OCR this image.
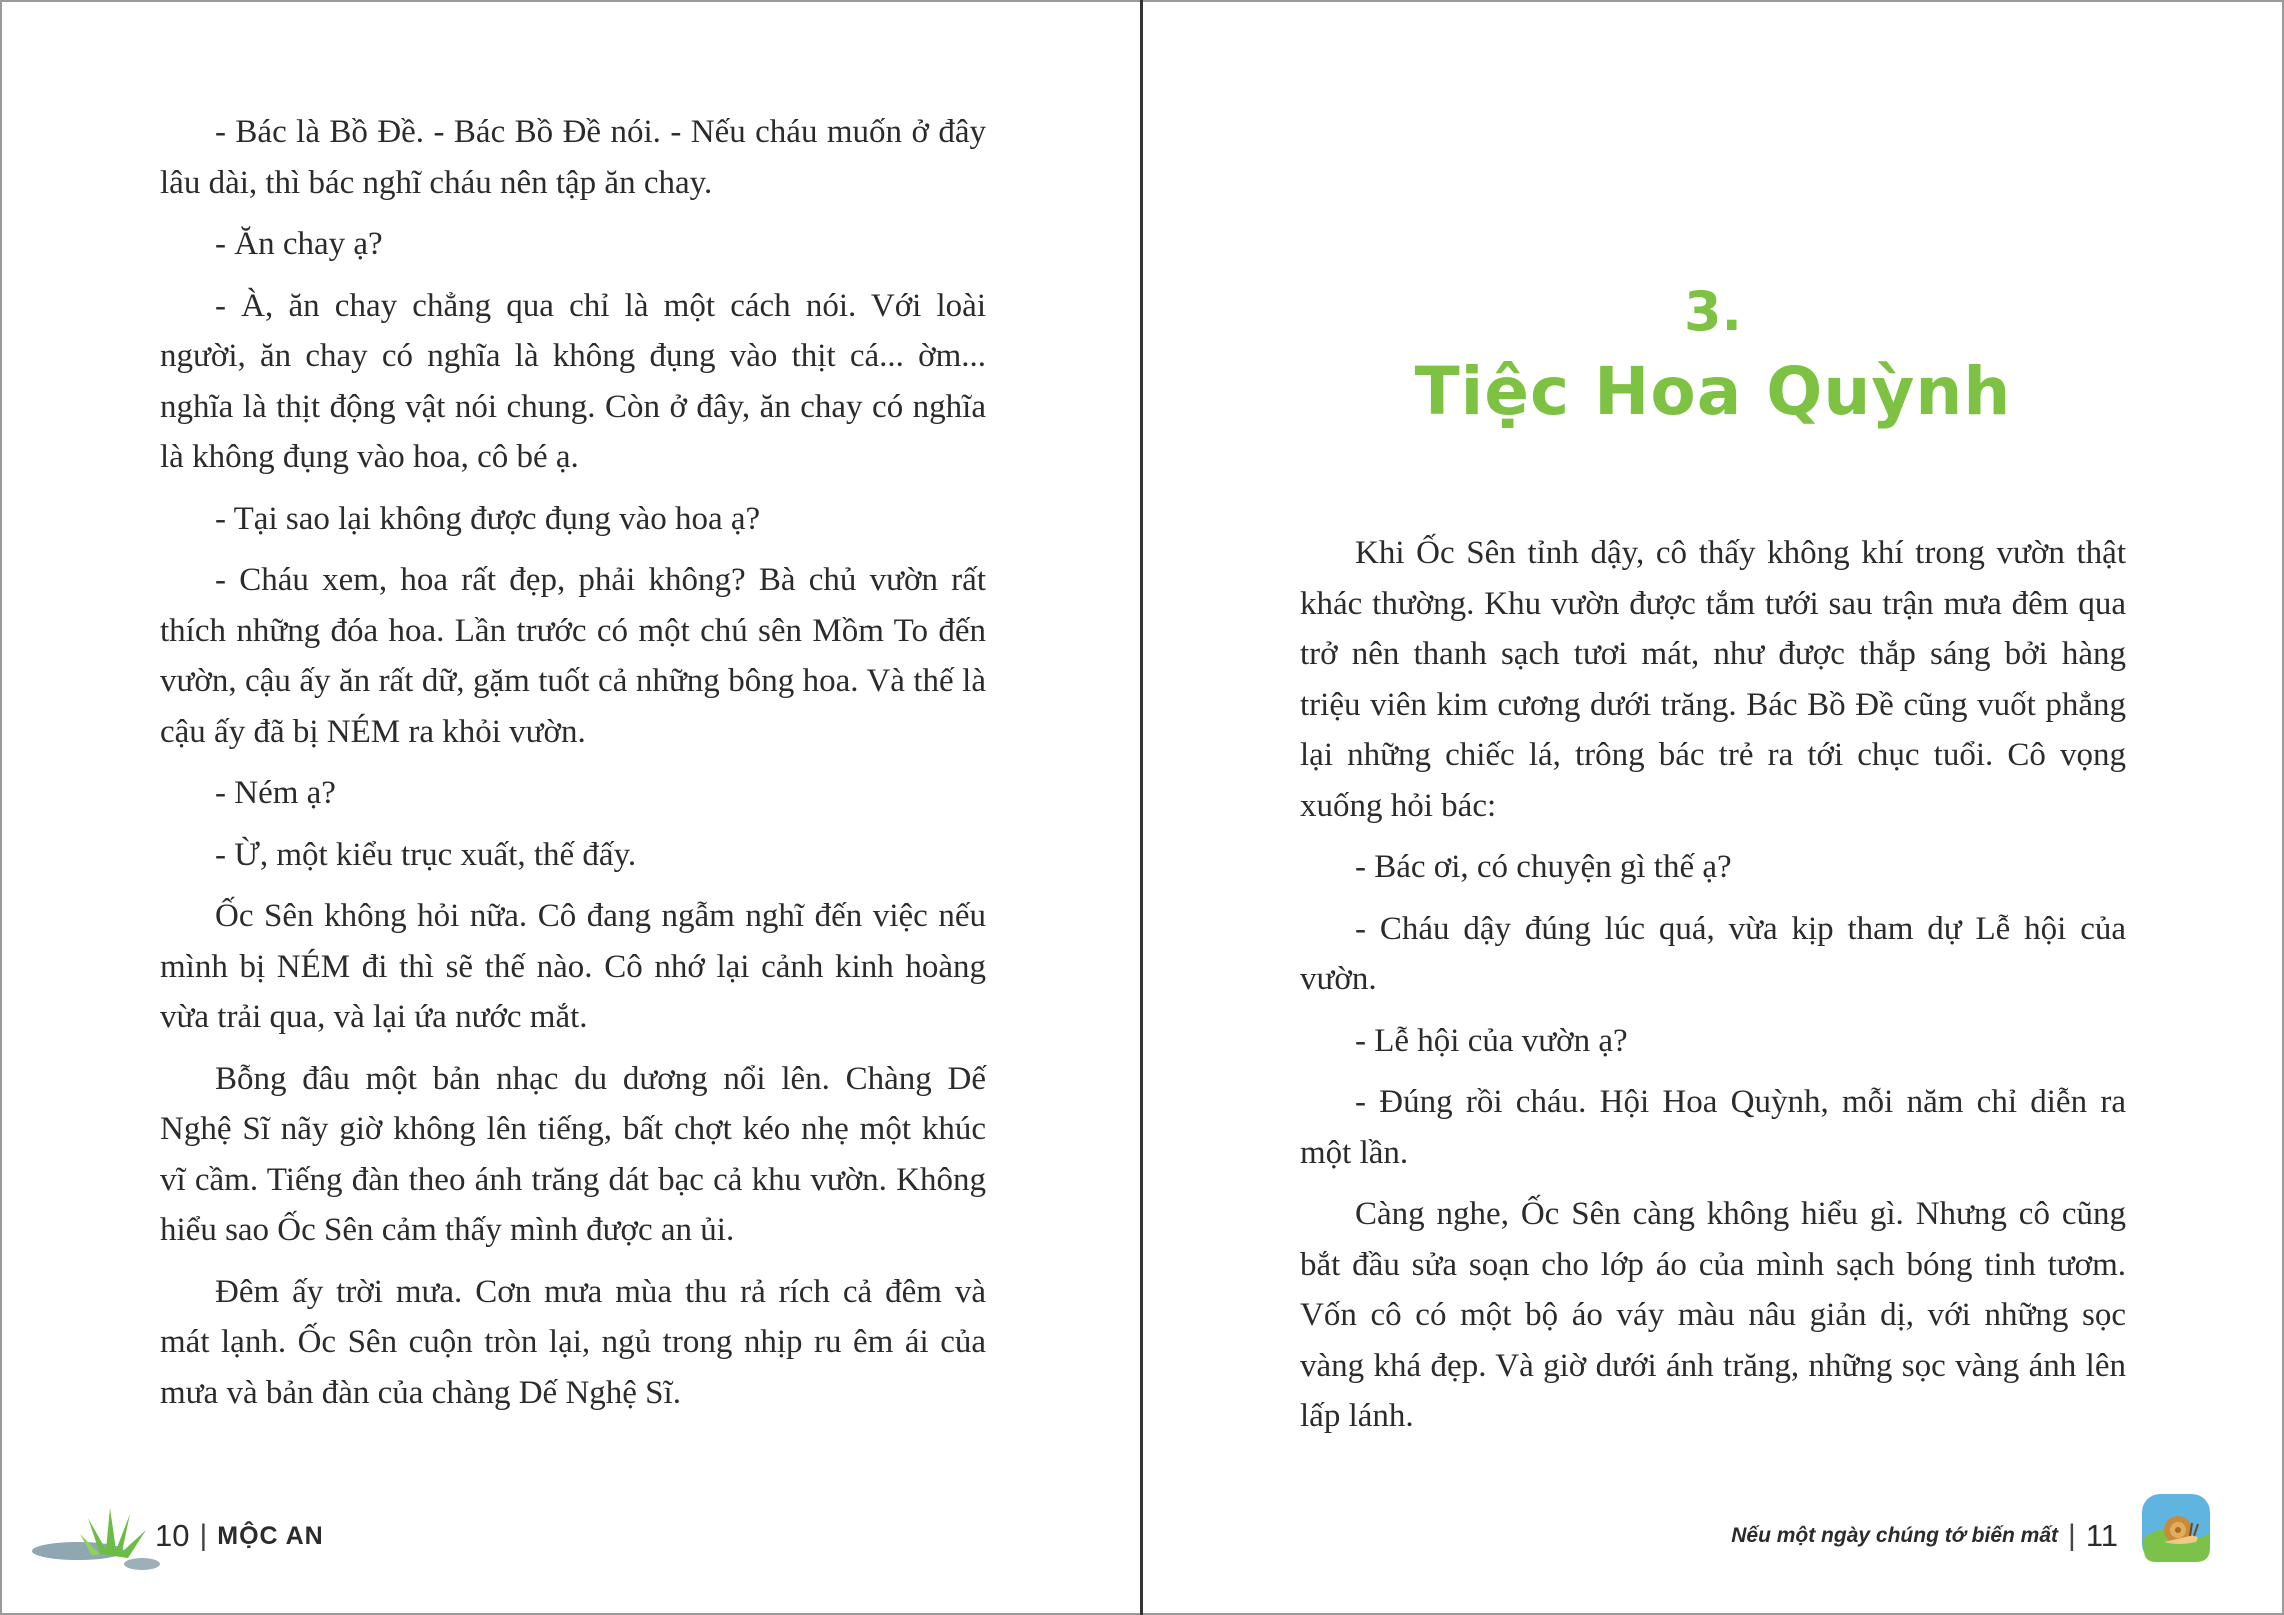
- Bác là Bồ Đề. - Bác Bồ Đề nói. - Nếu cháu muốn ở đây lâu dài, thì bác nghĩ cháu nên tập ăn chay.

- Ăn chay ạ?

- À, ăn chay chẳng qua chỉ là một cách nói. Với loài người, ăn chay có nghĩa là không đụng vào thịt cá... ờm... nghĩa là thịt động vật nói chung. Còn ở đây, ăn chay có nghĩa là không đụng vào hoa, cô bé ạ.

- Tại sao lại không được đụng vào hoa ạ?

- Cháu xem, hoa rất đẹp, phải không? Bà chủ vườn rất thích những đóa hoa. Lần trước có một chú sên Mồm To đến vườn, cậu ấy ăn rất dữ, gặm tuốt cả những bông hoa. Và thế là cậu ấy đã bị NÉM ra khỏi vườn.

- Ném ạ?

- Ừ, một kiểu trục xuất, thế đấy.

Ốc Sên không hỏi nữa. Cô đang ngẫm nghĩ đến việc nếu mình bị NÉM đi thì sẽ thế nào. Cô nhớ lại cảnh kinh hoàng vừa trải qua, và lại ứa nước mắt.

Bỗng đâu một bản nhạc du dương nổi lên. Chàng Dế Nghệ Sĩ nãy giờ không lên tiếng, bất chợt kéo nhẹ một khúc vĩ cầm. Tiếng đàn theo ánh trăng dát bạc cả khu vườn. Không hiểu sao Ốc Sên cảm thấy mình được an ủi.

Đêm ấy trời mưa. Cơn mưa mùa thu rả rích cả đêm và mát lạnh. Ốc Sên cuộn tròn lại, ngủ trong nhịp ru êm ái của mưa và bản đàn của chàng Dế Nghệ Sĩ.

10 | MỘC AN
3.
Tiệc Hoa Quỳnh

Khi Ốc Sên tỉnh dậy, cô thấy không khí trong vườn thật khác thường. Khu vườn được tắm tưới sau trận mưa đêm qua trở nên thanh sạch tươi mát, như được thắp sáng bởi hàng triệu viên kim cương dưới trăng. Bác Bồ Đề cũng vuốt phẳng lại những chiếc lá, trông bác trẻ ra tới chục tuổi. Cô vọng xuống hỏi bác:

- Bác ơi, có chuyện gì thế ạ?

- Cháu dậy đúng lúc quá, vừa kịp tham dự Lễ hội của vườn.

- Lễ hội của vườn ạ?

- Đúng rồi cháu. Hội Hoa Quỳnh, mỗi năm chỉ diễn ra một lần.

Càng nghe, Ốc Sên càng không hiểu gì. Nhưng cô cũng bắt đầu sửa soạn cho lớp áo của mình sạch bóng tinh tươm. Vốn cô có một bộ áo váy màu nâu giản dị, với những sọc vàng khá đẹp. Và giờ dưới ánh trăng, những sọc vàng ánh lên lấp lánh.

Nếu một ngày chúng tớ biến mất | 11
